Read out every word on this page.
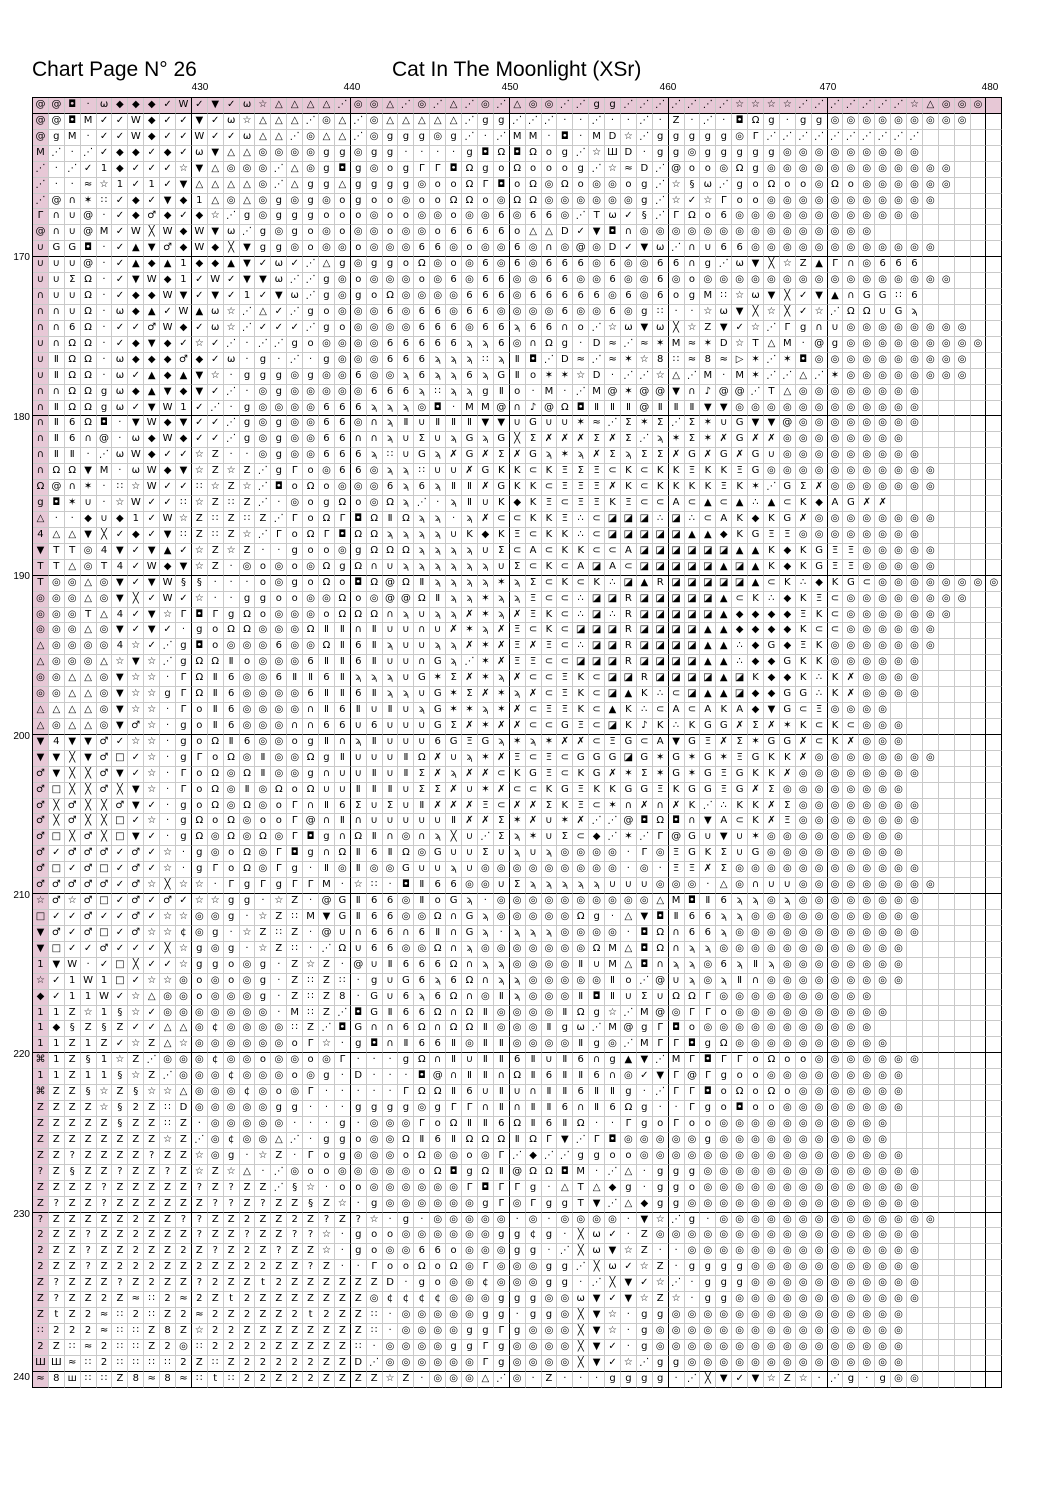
Chart Page N° 26	Cat In The Moonlight (XSr)
430	440	450	460	470	480
170
180
190
200
210
220
230
240
@ @ ◘	·	ω ◆ ◆ ◆ ✓ W ✓ ▼ ✓ ω ☆ △ △ △ △ ⋰ ◎ ◎ △ ⋰ ◎ ⋰ △ ⋰ ◎ ⋰ △ ◎ ◎ ⋰ ⋰ g g ⋰ ⋰ ⋰ ⋰ ⋰ ⋰ ⋰ ☆ ☆ ☆ ☆ ⋰ ⋰ ⋰ ⋰ ⋰ ⋰ ⋰ ☆ △ ◎ ◎ ◎
@ @ ◘ M ✓ ✓ W ◆ ✓ ✓ ▼ ✓ ω ☆ △ △ △ ⋰ ◎ △ ⋰ ◎ △ △ △ △ △ ⋰ g g ⋰ ⋰ ⋰ ·	· ⋰ ·	· ⋰ ·	Z	· ⋰ ·	◘ Ω g	·	g g ◎ ◎ ◎ ◎ ◎ ◎ ◎ ◎ ◎
@ g M ·	✓ ✓ W ◆ ✓ ✓ W ✓ ✓ ω △ △ ⋰ ◎ △ △ ⋰ ◎ g g g ◎ g ⋰ · ⋰ M M ·	◘	· M D ☆ ⋰ g g g g g ◎ Γ ⋰ ⋰ ⋰ ⋰ ⋰ ⋰ ⋰ ⋰ ⋰ ⋰
M ⋰ · ⋰ ✓ ◆ ◆ ✓ ◆ ✓ ω ▼ △ △ ◎ ◎ ◎ ◎ g g ◎ g g	·	·	·	·	g ◘ Ω ◘ Ω o g ⋰ ☆ Ш D	·	g g ◎ g g g g g ◎ ◎ ◎ ◎ ◎ ◎ ◎ ◎ ◎
⋰ · ⋰ ✓ 1 ◆ ✓ ✓ ✓ ☆ ▼ △ ◎ ◎ ◎ ⋰ △ ◎ g ◘ g ◎ o g Γ	Γ ◘ Ω g o Ω o o o g ⋰ ☆ ≈ D ⋰ @ o o ◎ Ω g ◎ ◎ ◎ ◎ ◎ ◎ ◎ ◎ ◎ ◎ ◎ ◎
⋰ ·	·	≈ ☆ 1 ✓ 1 ✓ ▼ △ △ △ △ ◎ ⋰ △ g g △ g g g g ◎ o o Ω Γ ◘ o Ω ◎ Ω o ◎ ◎ o g ⋰ ☆ § ω ⋰ g o Ω o o ◎ Ω o ◎ ◎ ◎ ◎ ◎ ◎
⋰ @ ∩ ✶ ∷ ✓ ◆ ✓ ▼ ◆ 1 △ ◎ △ ◎ g ◎ g ◎ o g o o ◎ o o Ω Ω o ◎ Ω Ω ◎ ◎ ◎ ◎ ◎ ◎ g ⋰ ☆ ✓ ☆ Γ	o o ◎ ◎ ◎ ◎ ◎ ◎ ◎ ◎ ◎ ◎ ◎
Γ ∩ ∪ @ ·	✓ ◆ ♂ ◆ ✓ ◆ ☆ ⋰ g ◎ g g g o o o ◎ o o ◎ ◎ o ◎ ◎ 6 ◎ 6 6 ◎ ⋰ T ω ✓ § ⋰ Γ Ω o 6 ◎ ◎ ◎ ◎ ◎ ◎ ◎ ◎ ◎ ◎ ◎ ◎
@ ∩ ∪ @ M ✓ W ╳ W ◆ W ▼ ω ⋰ g ◎ g o ◎ o ◎ ◎ o ◎ ◎ o 6 6 6 6 o △ △ D ✓ ▼ ◘ ∩ ◎ ◎ ◎ ◎ ◎ ◎ ◎ ◎ ◎ ◎ ◎ ◎ ◎ ◎ ◎
∪ G G ◘	·	✓ ▲ ▼ ♂ ◆ W ◆ ╳ ▼ g g ◎ o ◎ ◎ o ◎ ◎ ◎ 6 6 ◎ o ◎ ◎ 6 ◎ ∩ ◎ @ ◎ D ✓ ▼ ω ⋰ ∩ ∪ 6 6 ◎ ◎ ◎ ◎ ◎ ◎ ◎ ◎ ◎ ◎ ◎ ◎
∪ ∪ ∪ @ ·	✓ ▲ ◆ ▲ 1 ◆ ◆ ▲ ▼ ✓ ω ✓ ⋰ △ g ◎ g g o Ω ◎ o ◎ 6 ◎ 6 ◎ 6 6 6 ◎ 6 ◎ ◎ 6 6 ∩ g ⋰ ω ▼ ╳ ☆ Z ▲ Γ ∩ ◎ 6 6 6
∪ ∪ Σ Ω	·	✓ ▼ W ◆ 1 ✓ W ✓ ▼ ▼ ω ⋰ ⋰ g ◎ o ◎ ◎ ◎ o ◎ 6 ◎ 6 6 ◎ ◎ 6 6 ◎ ◎ 6 ◎ ◎ 6 ◎ o ◎ ◎ ◎ ◎ ◎ ◎ ◎ ◎ ◎ ◎ ◎ ◎ ◎ ◎ ◎ ◎
∩ ∪ ∪ Ω	·	✓ ◆ ◆ W ▼ ✓ ▼ ✓ 1 ✓ ▼ ω ⋰ g ◎ g o Ω ◎ ◎ ◎ ◎ 6 6 6 ◎ 6 6 6 6 6 ◎ 6 ◎ 6 o g M ∷ ☆ ω ▼ ╳ ✓ ▼ ▲ ∩ G G ∷ 6
∩ ∩ ∪ Ω	·	ω ◆ ▲ ✓ W ▲ ω ☆ ⋰ △ ✓ ⋰ g o ◎ ◎ ◎ 6 ◎ 6 6 ◎ 6 6 ◎ ◎ ◎ ◎ 6 ◎ ◎ 6 ◎ g ∷	·	· ☆ ω ▼ ╳ ☆ ╳ ✓ ☆ ⋰ Ω Ω ∪ G ϡ
∩ ∩ 6 Ω	·	✓ ✓ ♂ W ◆ ✓ ω ☆ ⋰ ✓ ✓ ✓ ⋰ g o ◎ ◎ ◎ ◎ 6 6 6 ◎ 6 6 ϡ 6 6 ∩ o ⋰ ☆ ω ▼ ω ╳ ☆ Z ▼ ✓ ☆ ⋰ Γ g ∩ ∪ ◎ ◎ ◎ ◎ ◎ ◎ ◎ ◎
∪ ∩ Ω Ω	·	✓ ◆ ▼ ◆ ✓ ☆ ✓ ⋰ · ⋰ ⋰ g o ◎ ◎ ◎ ◎ 6 6 6 6 6 ϡ ϡ 6 ◎ ∩ Ω g	·	D ≈ ⋰ ≈ ✶ M ≈ ✶ D ☆ T △ M · @ g ◎ ◎ ◎ ◎ ◎ ◎ ◎ ◎ ◎
∪ Ⅱ Ω Ω	·	ω ◆ ◆ ◆ ♂ ◆ ✓ ω	·	g	· ⋰ ·	g ◎ ◎ ◎ 6 6 6 ϡ ϡ ϡ ∷ ϡ	Ⅱ ◘ ⋰ D ≈ ⋰ ≈ ✶ ☆ 8 ∷ ≈ 8 ≈ ▷ ✶ ⋰ ✶ ◘ ◎ ◎ ◎ ◎ ◎ ◎ ◎ ◎ ◎ ◎
∪ Ⅱ Ω Ω	·	ω ✓ ▲ ◆ ▲ ▼ ☆ ·	g g g ◎ g ◎ ◎ 6 ◎ ◎ ϡ 6 ϡ ϡ 6 ϡ G Ⅱ	o ✶ ✶ ☆ D	· ⋰ ⋰ ☆ △ ⋰ M · M ✶ ⋰ ⋰ △ ⋰ ✶ ◎ ◎ ◎ ◎ ◎ ◎ ◎ ◎
∩ ∩ Ω Ω g ω ◆ ▲ ▼ ◆ ▼ ✓ ⋰ · ◎ g ◎ ◎ ◎ ◎ ◎ 6 6 6 ϡ ∷ ϡ ϡ g	Ⅱ	o	· M · ⋰ M @ ✶ @ @ ▼ ∩ ♪ @ @ ⋰ T △ ◎ ◎ ◎ ◎ ◎ ◎ ◎ ◎
∩ Ⅱ Ω Ω g ω ✓ ▼ W 1 ✓ ⋰ ·	g ◎ ◎ ◎ ◎ 6 6 6 ϡ ϡ ϡ ◎ ◘	· M M @ ∩ ♪ @ Ω ◘ Ⅱ	Ⅱ	Ⅱ @ Ⅱ	Ⅱ	Ⅱ ▼ ▼ ◎ ◎ ◎ ◎ ◎ ◎ ◎ ◎ ◎ ◎ ◎ ◎
∩ Ⅱ	6 Ω ◘	·	▼ W ◆ ▼ ✓ ✓ ⋰ g ◎ g ◎ ◎ 6 6 ◎ ∩ ϡ	Ⅱ ∪ Ⅱ	Ⅱ	Ⅱ ▼ ▼ ∪ G ∪ ∪ ✶ ≈ ⋰ Σ ✶ Σ ⋰ Σ ✶ ∪ G ▼ ▼ @ ◎ ◎ ◎ ◎ ◎ ◎ ◎ ◎
∩ Ⅱ	6 ∩ @ ·	ω ◆ W ◆ ✓ ✓ ⋰ g ◎ g ◎ ◎ 6 6 ∩ ∩ ϡ ∪ Σ ∪ ϡ G ϡ G ╳ Σ ✗ ✗ ✗ Σ ✗ Σ ⋰ ϡ ✶ Σ ✶ ✗ G ✗ ✗ ◎ ◎ ◎ ◎ ◎ ◎ ◎ ◎
∩ Ⅱ	Ⅱ	· ⋰ ω W ◆ ✓ ✓ ☆ Z	·	· ◎ g ◎ ◎ 6 6 6 ϡ ∷ ∪ G ϡ ✗ G ✗ Σ ✗ G ϡ ✶ ϡ ✗ Σ ϡ Σ Σ ✗ G ✗ G ✗ G ∪ ◎ ◎ ◎ ◎ ◎ ◎ ◎ ◎ ◎
∩ Ω Ω ▼ M ·	ω W ◆ ▼ ☆ Z ☆ Z ⋰ g Γ	o ◎ 6 6 ◎ ϡ ϡ ∷ ∪ ∪ ✗ G K K ⊂ K Ξ Σ Ξ ⊂ K ⊂ K K Ξ K K Ξ G ◎ ◎ ◎ ◎ ◎ ◎ ◎ ◎ ◎ ◎ ◎
Ω @ ∩ ✶	·	∷ ☆ W ✓ ✓ ∷ ☆ Z ☆ ⋰ ◘ o Ω o ◎ ◎ ◎ 6 ϡ 6 ϡ	Ⅱ	Ⅱ ✗ G K K ⊂ Ξ Ξ Ξ ✗ K ⊂ K K K K Ξ K ✶ ⋰ G Σ ✗ ◎ ◎ ◎ ◎ ◎ ◎ ◎
g ◘ ✶ ∪	· ☆ W ✓ ✓ ∷ ☆ Z ∷ Z ⋰ · ◎ o g Ω o ◎ Ω ϡ ⋰ ·	ϡ	Ⅱ ∪ K ◆ K Ξ ⊂ Ξ Ξ K Ξ ⊂ ⊂ A ⊂ ▲ ⊂ ▲ ∴ ▲ ⊂ K ◆ A G ✗ ✗
△	·	·	◆ ∪ ◆ 1 ✓ W ☆ Z ∷ Z ∷ Z ⋰ Γ	o Ω Γ ◘ Ω Ⅱ Ω ϡ ϡ	·	ϡ ✗ ⊂ ⊂ K K Ξ ∴ ⊂ ◪ ◪ ◪ ∴ ◪ ∴ ⊂ A K ◆ K G ✗ ◎ ◎ ◎ ◎ ◎ ◎ ◎ ◎
4 △ △ ▼ ╳ ✓ ◆ ✓ ▼ ∷ Z ∷ Z ☆ ⋰ Γ	o Ω Γ ◘ Ω Ω ϡ ϡ ϡ ϡ ∪ K ◆ K Ξ ⊂ K K ∴ ⊂ ◪ ◪ ◪ ◪ ◪ ▲ ▲ ◆ K G Ξ Ξ ◎ ◎ ◎ ◎ ◎ ◎ ◎ ◎
▼ T T ◎ 4 ▼ ✓ ▼ ▲ ✓ ☆ Z ☆ Z	·	·	g o o ◎ g Ω Ω Ω ϡ ϡ ϡ ϡ ∪ Σ ⊂ A ⊂ K K ⊂ ⊂ A ◪ ◪ ◪ ◪ ◪ ◪ ▲ ▲ K ◆ K G Ξ Ξ ◎ ◎ ◎ ◎ ◎
T T △ ◎ T 4 ✓ W ◆ ▼ ☆ Z	· ◎ o ◎ o ◎ Ω g Ω ∩ ∪ ϡ ϡ ϡ ϡ ϡ ϡ ∪ Σ ⊂ K ⊂ A ◪ A ⊂ ◪ ◪ ◪ ◪ ◪ ▲ ◪ ▲ K ◆ K G Ξ Ξ ◎ ◎ ◎ ◎ ◎
T ◎ ◎ △ ◎ ▼ ✓ ▼ W §	§	·	·	·	o ◎ g o Ω o ◘ Ω @ Ω Ⅱ	ϡ ϡ ϡ ϡ ✶ ϡ Σ ⊂ K ⊂ K ∴ ◪ ▲ R ◪ ◪ ◪ ◪ ◪ ▲ ⊂ K ∴ ◆ K G ⊂ ◎ ◎ ◎ ◎ ◎ ◎ ◎ ◎
◎ ◎ ◎ △ ◎ ▼ ╳ ✓ W ✓ ☆ ·	·	g g o o ◎ ◎ Ω o ◎ @ @ Ω Ⅱ	ϡ ϡ ✶ ϡ ϡ Ξ ⊂ ⊂ ∴ ◪ ◪ R ◪ ◪ ◪ ◪ ◪ ▲ ⊂ K ∴ ◆ K Ξ ⊂ ◎ ◎ ◎ ◎ ◎ ◎ ◎ ◎
◎ ◎ ◎ T △ 4 ✓ ▼ ☆ Γ ◘ Γ g Ω o ◎ ◎ ◎ o Ω Ω Ω ∩ ϡ ∪ ϡ ϡ ✗ ✶ ϡ ✗ Ξ K ⊂ ∴ ◪ ∴ R ◪ ◪ ◪ ◪ ◪ ▲ ◆ ◆ ◆ ◆ Ξ K ⊂ ◎ ◎ ◎ ◎ ◎ ◎ ◎
◎ ◎ ◎ △ ◎ ▼ ✓ ▼ ✓	·	g o Ω Ω ◎ ◎ ◎ Ω Ⅱ	Ⅱ ∩ Ⅱ ∪ ∪ ∩ ∪ ✗ ✶ ϡ ✗ Ξ ⊂ K ⊂ ◪ ◪ ◪ R ◪ ◪ ◪ ◪ ▲ ▲ ◆ ◆ ◆ ◆ K ⊂ ⊂ ◎ ◎ ◎ ◎ ◎ ◎
△ ◎ ◎ ◎ ◎ 4 ☆ ✓ ⋰ g ◘ o ◎ ◎ ◎ 6 ◎ ◎ Ω Ⅱ	6	Ⅱ	ϡ ∪ ∪ ϡ ϡ ✗ ✶ ✗ Ξ ✗ Ξ ⊂ ∴ ◪ ◪ R ◪ ◪ ◪ ◪ ▲ ▲ ∴ ◆ G ◆ Ξ K ◎ ◎ ◎ ◎ ◎ ◎ ◎
△ ◎ ◎ ◎ △ ☆ ▼ ☆ ⋰ g Ω Ω Ⅱ	o ◎ ◎ ◎ 6	Ⅱ	Ⅱ	6	Ⅱ ∪ ∪ ∩ G ϡ ⋰ ✶ ✗ Ξ Ξ ⊂ ⊂ ◪ ◪ ◪ R ◪ ◪ ◪ ◪ ▲ ▲ ∴ ◆ ◆ G K K ◎ ◎ ◎ ◎ ◎ ◎
◎ ◎ △ △ ◎ ▼ ☆ ☆ ·	Γ Ω Ⅱ	6 ◎ ◎ 6	Ⅱ	Ⅱ	6	Ⅱ	ϡ ϡ ϡ ∪ G ✶ Σ ✗ ✶ ϡ ✗ ⊂ ⊂ Ξ K ⊂ ◪ ◪ R ◪ ◪ ◪ ◪ ▲ ◪ K ◆ ◆ K ∴ K ✗ ◎ ◎ ◎ ◎
◎ ◎ △ △ ◎ ▼ ☆ ☆ g Γ Ω Ⅱ	6 ◎ ◎ ◎ ◎ 6	Ⅱ	Ⅱ	6	Ⅱ	ϡ ϡ ∪ G ✶ Σ ✗ ✶ ϡ ✗ ⊂ Ξ K ⊂ ◪ ▲ K ∴ ⊂ ◪ ▲ ▲ ◪ ◆ ◆ G G ∴ K ✗ ◎ ◎ ◎ ◎
△ △ △ △ ◎ ▼ ☆ ☆ ·	Γ	o	Ⅱ	6 ◎ ◎ ◎ ◎ ∩ Ⅱ	6	Ⅱ ∪ Ⅱ ∪ ϡ G ✶ ✶ ϡ ✶ ✗ ⊂ Ξ Ξ K ⊂ ▲ K ∴ ⊂ A ⊂ A K A ◆ ▼ G ⊂ Ξ ◎ ◎ ◎ ◎
△ ◎ △ △ ◎ ▼ ♂ ☆ ·	g o	Ⅱ	6 ◎ ◎ ◎ ∩ ∩ 6 6 ∪ 6 ∪ ∪ ∪ G Σ ✗ ✶ ✗ ✗ ⊂ ⊂ G Ξ ⊂ ◪ K ♪ K ∴ K G G ✗ Σ ✗ ✶ K ⊂ K ⊂ ◎ ◎ ◎
▼ 4 ▼ ▼ ♂ ✓ ☆ ☆ ·	g o Ω Ⅱ	6 ◎ ◎ o g	Ⅱ ∩ ϡ	Ⅱ ∪ ∪ ∪ 6 G Ξ G ϡ ✶ ϡ ✶ ✗ ✗ ⊂ Ξ G ⊂ A ▼ G Ξ ✗ Σ ✶ G G ✗ ⊂ K ✗ ◎ ◎ ◎
▼ ▼ ╳ ▼ ♂ □ ✓ ☆ ·	g Γ	o Ω ◎ Ⅱ ◎ ◎ Ω g	Ⅱ ∪ ∪ ∪ Ⅱ Ω ✗ ∪ ϡ ✶ ✗ Ξ ⊂ Ξ ⊂ G G G ◪ G ✶ G ✶ G ✶ Ξ G K K ✗ ◎ ◎ ◎ ◎ ◎ ◎ ◎ ◎
♂ ▼ ╳ ╳ ♂ ▼ ✓ ☆ ·	Γ	o Ω ◎ Ω Ⅱ ◎ ◎ g ∩ ∪ ∪ Ⅱ ∪ Ⅱ	Σ ✗ ϡ ✗ ✗ ⊂ K G Ξ ⊂ K G ✗ ✶ Σ ✶ G ✶ G Ξ G K K ✗ ◎ ◎ ◎ ◎ ◎ ◎ ◎ ◎
♂ □ ╳ ╳ ♂ ╳ ▼ ☆ ·	Γ	o Ω ◎ Ⅱ ◎ Ω o Ω ∪ ∪ Ⅱ	Ⅱ	Ⅱ ∪ Σ Σ ✗ ∪ ✶ ✗ ⊂ ⊂ K G Ξ K K G G Ξ K G G Ξ G ✗ Σ ◎ ◎ ◎ ◎ ◎ ◎ ◎ ◎
♂ ╳ ♂ ╳ ╳ ♂ ▼ ✓	·	g o Ω ◎ Ω ◎ o	Γ ∩ Ⅱ	6 Σ ∪ Σ ∪ Ⅱ ✗ ✗ ✗ Ξ ⊂ ✗ ✗ Σ K Ξ ⊂ ✶ ∩ ✗ ∩ ✗ K ⋰ ∴ K K ✗ Σ ◎ ◎ ◎ ◎ ◎ ◎ ◎ ◎
♂ ╳ ♂ ╳ ╳ □ ✓ ☆ ·	g Ω o Ω ◎ o o	Γ @ ∩ Ⅱ ∩ ∪ ∪ ∪ ∪ ∪ Ⅱ ✗ ✗ Σ ✶ ✗ ∪ ✶ ✗ ⋰ ⋰ @ ◘ Ω ◘ ∩ ▼ A ⊂ K ✗ Ξ ◎ ◎ ◎ ◎ ◎ ◎ ◎ ◎
♂ □ ╳ ♂ ╳ □ ▼ ✓	·	g Ω ◎ Ω ◎ Ω ◎ Γ ◘ g ∩ Ω Ⅱ ∩ ◎ ∩ ϡ ╳ ∪ ⋰ Σ ϡ ✶ ∪ Σ ⊂ ◆ ⋰ ✶ ⋰ Γ @ G ∪ ▼ ∪ ✶ ◎ ◎ ◎ ◎ ◎ ◎ ◎ ◎ ◎
♂ ✓ ♂ ♂ ♂ ✓ ♂ ✓ ☆ ·	g ◎ o Ω ◎ Γ ◘ g ∩ Ω Ⅱ	6	Ⅱ Ω ◎ G ∪ ∪ Σ ∪ ϡ ∪ ϡ ◎ ◎ ◎ ◎ ·	Γ ◎ Ξ G K Σ ∪ G ◎ ◎ ◎ ◎ ◎ ◎ ◎ ◎ ◎
♂ □ ✓ ♂ □ ✓ ♂ ✓ ☆ ·	g Γ	o Ω ◎ Γ g	·	Ⅱ ◎ Ⅱ ◎ ◎ G ∪ ∪ ϡ ∪ ◎ ◎ ◎ ◎ ◎ ◎ ◎ ◎ ◎ · ◎ ·	Ξ Ξ ✗ Σ ◎ ◎ ◎ ◎ ◎ ◎ ◎ ◎ ◎ ◎ ◎ ◎
♂ ♂ ♂ ♂ ♂ ✓ ♂ ☆ ╳ ☆ ☆ ·	Γ g Γ g Γ	Γ M · ☆ ∷	·	◘ Ⅱ	6 6 ◎ ◎ ∪ Σ ϡ ϡ ϡ ϡ ϡ ∪ ∪ ∪ ◎ ◎ ◎ ·	△ ◎ ∩ ∪ ∪ ◎ ◎ ◎ ◎ ◎ ◎ ◎ ◎ ◎
☆ ♂ ☆ ♂ □ ✓ ♂ ✓ ♂ ✓ ☆ ☆ g g	· ☆ Z	· @ G Ⅱ	6 6 ◎ Ⅱ	o G ϡ	· ◎ ◎ ◎ ◎ ◎ ◎ ◎ ◎ ◎ ◎ △ M ◘ Ⅱ	6 ϡ ϡ ◎ ϡ ◎ ◎ ◎ ◎ ◎ ◎ ◎ ◎
□ ✓ ✓ ♂ ✓ ✓ ♂ ✓ ☆ ☆ ◎ ◎ g	· ☆ Z ∷ M ▼ G Ⅱ	6 6 ◎ ◎ Ω ∩ G ϡ ◎ ◎ ◎ ◎ ◎ Ω g	·	△ ▼ ◘ Ⅱ	6 6 ϡ ϡ ◎ ◎ ◎ ◎ ◎ ◎ ◎ ◎ ◎ ◎ ◎
▼ ♂ ✓ ♂ □ ✓ ♂ ☆ ☆ ¢ ◎ g	· ☆ Z ∷ Z	· @ ∪ ∩ 6 6 ∩ 6	Ⅱ ∩ G ϡ	·	ϡ ϡ ϡ ◎ ◎ ◎ ◎ ·	◘ Ω ∩ 6 6 ϡ ◎ ◎ ◎ ◎ ◎ ◎ ◎ ◎ ◎ ◎ ◎ ◎
▼ □ ✓ ✓ ♂ ✓ ✓ ✓ ╳ ☆ g ◎ g	· ☆ Z ∷	· ⋰ Ω ∪ 6 6 ◎ ◎ Ω ∩ ϡ ◎ ◎ ◎ ◎ ◎ ◎ ◎ Ω M △ ◘ Ω ∩ ϡ ϡ ◎ ◎ ◎ ◎ ◎ ◎ ◎ ◎ ◎ ◎ ◎ ◎
1 ▼ W ·	✓ □ ╳ ✓ ✓ ☆ g g o ◎ g	·	Z ☆ Z	· @ ∪ Ⅱ	6 6 6 Ω ∩ ϡ ϡ ◎ ◎ ◎ ◎ Ⅱ ∪ M △ ◘ ∩ ϡ ϡ ◎ 6 ϡ	Ⅱ	ϡ ◎ ◎ ◎ ◎ ◎ ◎ ◎ ◎
☆ ✓ 1 W 1 □ ✓ ☆ ☆ ◎ o ◎ o ◎ g	·	Z ∷ Z ∷	·	g ∪ G 6 ϡ 6 Ω ∩ ϡ ϡ ◎ ◎ ◎ ◎ ◎ Ⅱ	o ⋰ @ ∪ ϡ ◎ ϡ	Ⅱ ∩ ◎ ◎ ◎ ◎ ◎ ◎ ◎ ◎ ◎
◆ ✓ 1 1 W ✓ ☆ △ ◎ ◎ o ◎ ◎ ◎ g	·	Z ∷ Z 8	·	G ∪ 6 ϡ 6 Ω ∩ ◎ Ⅱ	ϡ ◎ ◎ ◎ Ⅱ ◘ Ⅱ ∪ Σ ∪ Ω Ω Γ ◎ ◎ ◎ ◎ ◎ ◎ ◎ ◎ ◎ ◎
1 1 Z ☆ 1	§ ☆ ✓ ◎ ◎ ◎ ◎ ◎ ◎ ◎ · M ∷ Z ⋰ ◘ G Ⅱ	6 6 Ω ∩ Ω Ⅱ ◎ ◎ ◎ ◎ Ⅱ Ω g ☆ ⋰ M @ ◎ Γ	Γ	o ◎ ◎ ◎ ◎ ◎ ◎ ◎ ◎ ◎ ◎
1 ◆ § Z § Z ✓ ✓ △ △ ◎ ¢ ◎ ◎ ◎ ◎ ∷ Z ⋰ ◘ G ∩ ∩ 6 Ω ∩ Ω Ω Ⅱ ◎ ◎ ◎ Ⅱ	g ω ⋰ M @ g Γ ◘ o ◎ ◎ ◎ ◎ ◎ ◎ ◎ ◎ ◎ ◎ ◎
1 1 Z 1 Z ✓ ☆ Z △ ☆ ◎ ◎ ◎ ◎ ◎ ◎ o	Γ ☆ ·	g ◘ ∩ Ⅱ	6 6	Ⅱ ◎ Ⅱ	Ⅱ ◎ ◎ ◎ ◎ Ⅱ	g ◎ ⋰ M Γ	Γ ◘ g Ω ◎ ◎ ◎ ◎ ◎ ◎ ◎ ◎ ◎ ◎
⌘ 1 Z §	1 ☆ Z ⋰ ◎ ◎ ◎ ¢ ◎ ◎ o ◎ ◎ o ◎ Γ	·	·	·	g Ω ∩ Ⅱ ∪ Ⅱ	Ⅱ	6	Ⅱ ∪ Ⅱ	6 ∩ g ▲ ▼ ⋰ M Γ ◘ Γ	Γ	o Ω o o ◎ ◎ ◎ ◎ ◎ ◎ ◎
1 1 Z 1 1	§ ☆ Z ⋰ ◎ ◎ ◎ ¢ ◎ ◎ ◎ o ◎ g	·	D	·	·	·	◘ @ ∩ Ⅱ	Ⅱ ∩ Ω Ⅱ	6	Ⅱ	Ⅱ	6 ∩ ◎ ✓ ▼ Γ @ Γ g o o ◎ ◎ ◎ ◎ ◎ ◎ ◎ ◎ ◎
⌘ Z Z § ☆ Z § ☆ ☆ △ ◎ ◎ ◎ ¢ ◎ o ◎ Γ	·	·	·	·	·	Γ Ω Ω Ⅱ	6 ∪ Ⅱ ∪ ∩ Ⅱ	Ⅱ	6	Ⅱ	Ⅱ	g	· ⋰ Γ	Γ ◘ o Ω o Ω o ◎ ◎ ◎ ◎ ◎ ◎ ◎
Z Z Z Z ☆ §	2 Z ∷ D ◎ ◎ ◎ ◎ ◎ g g	·	·	·	g g g g ◎ g Γ	Γ ∩ Ⅱ ∩ Ⅱ	Ⅱ	6 ∩ Ⅱ	6 Ω g	·	·	Γ g o ◘ o o ◎ ◎ ◎ ◎ ◎ ◎ ◎ ◎
Z Z Z Z Z § Z Z ∷ Z	· ◎ ◎ ◎ ◎ ◎ ·	·	·	g	· ◎ ◎ ◎ Γ	o Ω Ⅱ	Ⅱ	6 Ω Ⅱ	6	Ⅱ Ω	·	·	Γ g o	Γ	o o ◎ ◎ ◎ ◎ ◎ ◎ ◎ ◎ ◎ ◎ ◎
Z Z Z Z Z Z Z Z ☆ Z ⋰ ◎ ¢ ◎ ◎ △ ⋰ ·	g g o ◎ ◎ Ω Ⅱ	6	Ⅱ Ω Ω Ω Ⅱ Ω Γ ▼ ⋰ Γ ◘ ◎ ◎ ◎ ◎ ◎ g ◎ ◎ ◎ ◎ ◎ ◎ ◎ ◎ ◎ ◎ ◎
Z Z ? Z Z Z Z ? Z Z ☆ ◎ g	· ☆ Z	·	Γ	o g ◎ ◎ ◎ o Ω ◎ ◎ o ◎ Γ ⋰ ◆ ⋰ ⋰ g g o o ◎ ◎ ◎ ◎ ◎ ◎ ◎ ◎ ◎ ◎ ◎ ◎ ◎ ◎ ◎ ◎ ◎
? Z § Z Z ? Z Z ? Z ☆ Z ☆ △	· ⋰ ◎ o o ◎ ◎ ◎ ◎ ◎ o Ω ◘ g Ω Ⅱ @ Ω Ω ◘ M · ⋰ △	·	g g g ◎ ◎ ◎ ◎ ◎ ◎ ◎ ◎ ◎ ◎ ◎ ◎ ◎ ◎
Z Z Z Z ? Z Z Z Z Z ? Z ? Z Z ⋰ § ☆ ·	o o ◎ ◎ ◎ ◎ ◎ ◎ Γ ◘ Γ	Γ g	·	△ T △ ◆ g	·	g g o ◎ ◎ ◎ ◎ ◎ ◎ ◎ ◎ ◎ ◎ ◎ ◎ ◎ ◎
Z ? Z Z ? Z Z Z Z Z Z ?	? Z ? Z Z § Z ☆ ·	g ◎ ◎ ◎ ◎ ◎ ◎ g Γ ◎ Γ g g T ▼ ⋰ △ ◆ g g ◎ ◎ ◎ ◎ ◎ ◎ ◎ ◎ ◎ ◎ ◎ ◎ ◎ ◎ ◎
? Z Z Z Z Z 2 Z Z ?	? Z Z 2 Z Z 2 Z ? Z ? ☆ ·	g	· ◎ ◎ ◎ ◎ ◎ · ◎ · ◎ ◎ ◎ ◎ ·	▼ ☆ ⋰ g	· ◎ ◎ ◎ ◎ ◎ ◎ ◎ ◎ ◎ ◎ ◎ ◎ ◎ ◎
2 Z Z ? Z Z 2 Z Z Z ? Z Z ? Z Z ?	? ☆ ·	g o o ◎ ◎ ◎ ◎ ◎ ◎ g g ¢ g	·	╳ ω ✓	·	Z ◎ ◎ ◎ ◎ ◎ ◎ ◎ ◎ ◎ ◎ ◎ ◎ ◎ ◎ ◎ ◎ ◎
2 Z Z ? Z Z 2 Z Z 2 Z ? Z 2 Z ? Z Z ☆ ·	g o ◎ ◎ 6 6 o ◎ ◎ ◎ g g	· ⋰ ╳ ω ▼ ☆ Z	·	· ◎ ◎ ◎ ◎ ◎ ◎ ◎ ◎ ◎ ◎ ◎ ◎ ◎ ◎ ◎
2 Z Z ? Z 2 2 2 Z Z 2 Z Z 2 2 Z Z ? Z	·	·	Γ	o o Ω o Ω ◎ Γ ◎ ◎ ◎ g g ⋰ ╳ ω ✓ ☆ Z	·	g g g g ◎ ◎ ◎ ◎ ◎ ◎ ◎ ◎ ◎ ◎ ◎
Z ? Z Z Z ? Z 2 Z Z ?	2 Z Z	t	2 Z Z Z Z Z Z D	·	g o ◎ ◎ ¢ ◎ ◎ ◎ g g	· ⋰ ╳ ▼ ✓ ☆ ⋰ ·	g g g ◎ ◎ ◎ ◎ ◎ ◎ ◎ ◎ ◎ ◎ ◎
Z ? Z Z 2 Z ≈ ∷ 2 ≈ 2 Z	t	2 Z Z Z Z Z Z Z ◎ ¢ ¢ ¢ ¢ ◎ ◎ ◎ g g g ◎ ◎ ω ▼ ✓ ▼ ☆ Z ☆ ·	g g ◎ ◎ ◎ ◎ ◎ ◎ ◎ ◎ ◎ ◎ ◎ ◎
Z	t	Z 2 ≈ ∷ 2 ∷ Z 2 ≈ 2 Z 2 Z Z 2	t	2 Z Z ∷	· ◎ ◎ ◎ ◎ ◎ g g	·	g g ◎ ╳ ▼ ☆ ·	g g ◎ ◎ ◎ ◎ ◎ ◎ ◎ ◎ ◎ ◎ ◎ ◎ ◎ ◎ ◎
∷ 2 2 2 ≈ ∷ ∷ Z 8 Z ☆ 2 2 Z Z Z Z Z Z Z Z ∷	· ◎ ◎ ◎ ◎ g g Γ g ◎ ◎ ◎ ╳ ▼ ☆ ·	g ◎ ◎ ◎ ◎ ◎ ◎ ◎ ◎ ◎ ◎ ◎ ◎ ◎ ◎ ◎ ◎
2 Z ∷ ≈ 2 ∷ ∷ Z 2 ◎ ∷ 2 2 2 2 Z Z Z Z Z ∷	· ◎ ◎ ◎ ◎ g g Γ g ◎ ◎ ◎ ◎ ╳ ▼ ✓	·	g ◎ ◎ ◎ ◎ ◎ ◎ ◎ ◎ ◎ ◎ ◎ ◎ ◎ ◎ ◎ ◎
Ш Ш ≈ ∷ 2 ∷ ∷ ∷ ∷ 2 Z ∷ Z 2 2 2 2 2 Z Z D ⋰ ◎ ◎ ◎ ◎ ◎ ◎ Γ g ◎ ◎ ◎ ◎ ╳ ▼ ✓ ☆ ⋰ g g ◎ ◎ ◎ ◎ ◎ ◎ ◎ ◎ ◎ ◎ ◎ ◎ ◎ ◎
≈ 8 ш ∷ ∷ Z 8 ≈ 8 ≈ ∷	t	∷ 2 2 Z 2 2 Z Z Z Z ☆ Z	· ◎ ◎ ◎ △ ⋰ ◎ ·	Z	·	·	·	g g g g	· ⋰ ╳ ▼ ✓ ▼ ☆ Z ☆ · ⋰ g	·	g ◎ ◎
